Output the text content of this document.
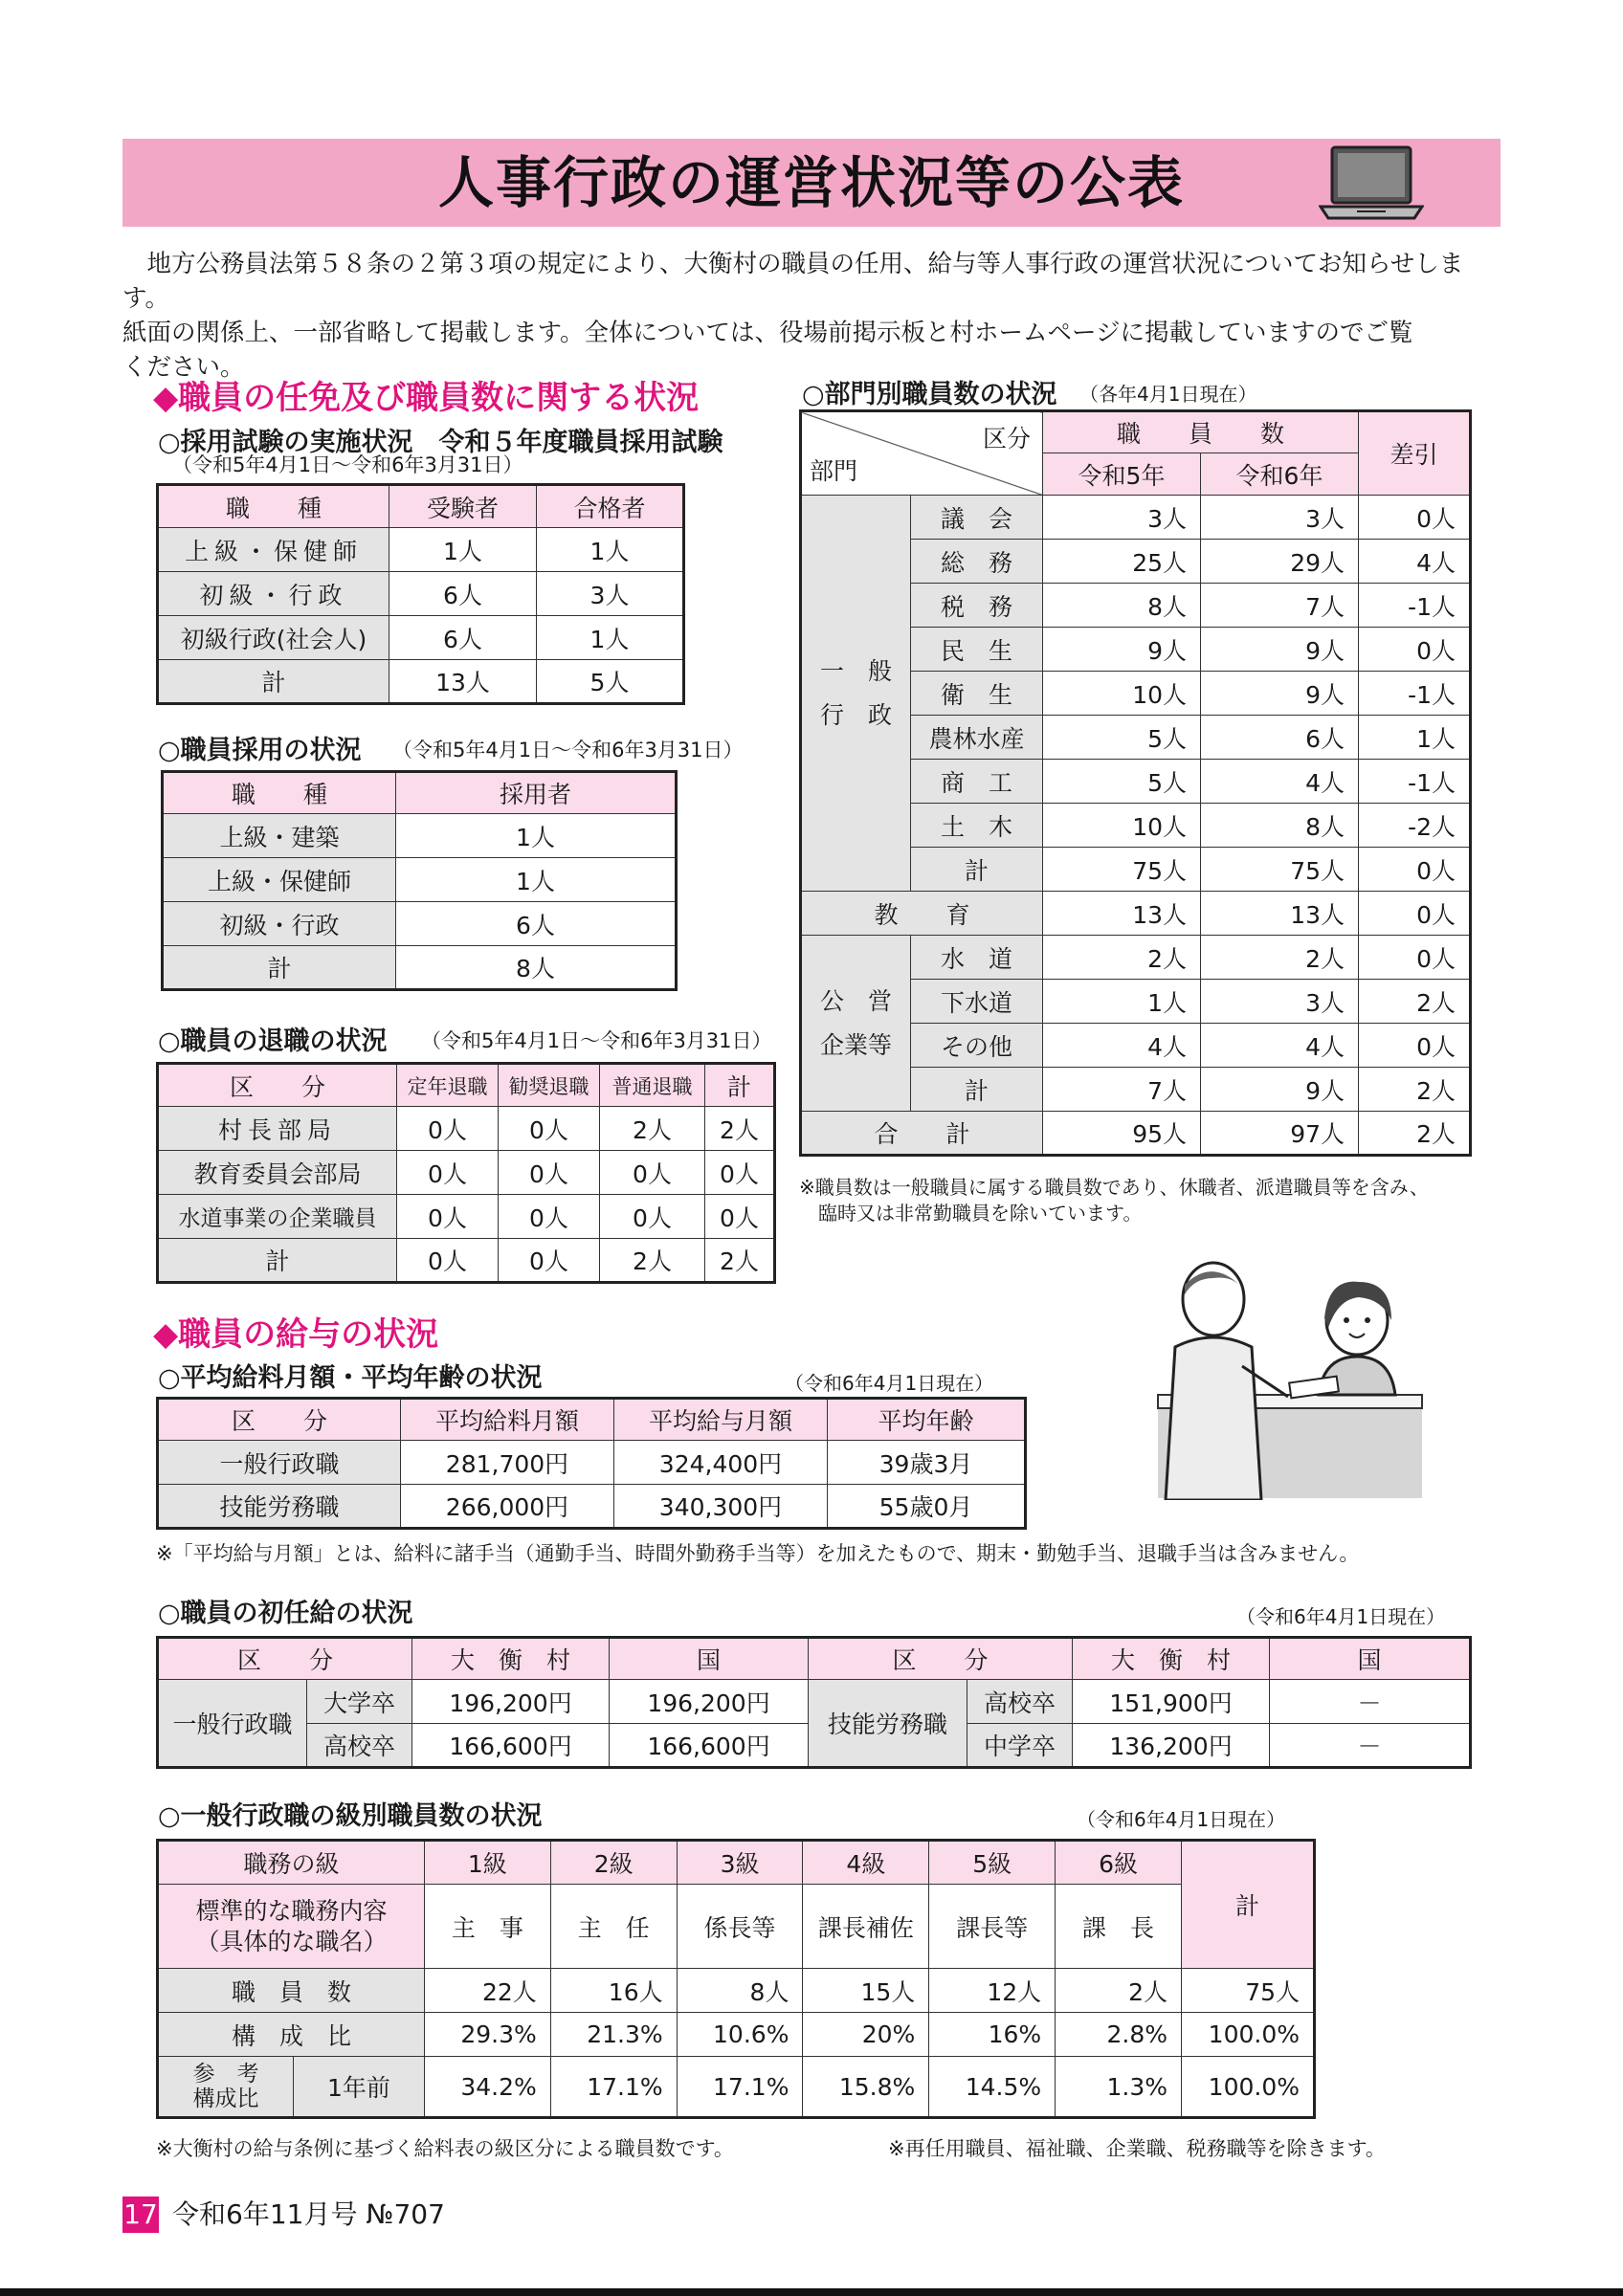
人事行政の運営状況等の公表

　地方公務員法第５８条の２第３項の規定により、大衡村の職員の任用、給与等人事行政の運営状況についてお知らせします。

紙面の関係上、一部省略して掲載します。全体については、役場前掲示板と村ホームページに掲載していますのでご覧

ください。

◆職員の任免及び職員数に関する状況
○採用試験の実施状況　令和５年度職員採用試験
（令和5年4月1日～令和6年3月31日）
職　　種	受験者	合格者
上級・保健師	1人	1人
初級・行政	6人	3人
初級行政(社会人)	6人	1人
計	13人	5人
○職員採用の状況 （令和5年4月1日～令和6年3月31日）
職　　種	採用者
上級・建築	1人
上級・保健師	1人
初級・行政	6人
計	8人
○職員の退職の状況 （令和5年4月1日～令和6年3月31日）
区　　分	定年退職	勧奨退職	普通退職	計
村長部局	0人	0人	2人	2人
教育委員会部局	0人	0人	0人	0人
水道事業の企業職員	0人	0人	0人	0人
計	0人	0人	2人	2人
○部門別職員数の状況 （各年4月1日現在）
区分
部門		職　　員　　数		差引
		令和5年	令和6年	
一　般
行　政	議　会	3人	3人	0人
	総　務	25人	29人	4人
	税　務	8人	7人	-1人
	民　生	9人	9人	0人
	衛　生	10人	9人	-1人
	農林水産	5人	6人	1人
	商　工	5人	4人	-1人
	土　木	10人	8人	-2人
	計	75人	75人	0人
教　　育		13人	13人	0人
公　営
企業等	水　道	2人	2人	0人
	下水道	1人	3人	2人
	その他	4人	4人	0人
	計	7人	9人	2人
合　　計		95人	97人	2人
※職員数は一般職員に属する職員数であり、休職者、派遣職員等を含み、
　臨時又は非常勤職員を除いています。
◆職員の給与の状況
○平均給料月額・平均年齢の状況	（令和6年4月1日現在）
区　　分	平均給料月額	平均給与月額	平均年齢
一般行政職	281,700円	324,400円	39歳3月
技能労務職	266,000円	340,300円	55歳0月
※「平均給与月額」とは、給料に諸手当（通勤手当、時間外勤務手当等）を加えたもので、期末・勤勉手当、退職手当は含みません。
○職員の初任給の状況	（令和6年4月1日現在）
区　　分		大　衡　村	国	区　　分		大　衡　村	国
一般行政職	大学卒	196,200円	196,200円	技能労務職	高校卒	151,900円	－
	高校卒	166,600円	166,600円		中学卒	136,200円	－
○一般行政職の級別職員数の状況	（令和6年4月1日現在）
職務の級		1級	2級	3級	4級	5級	6級	計
標準的な職務内容
（具体的な職名）		主　事	主　任	係長等	課長補佐	課長等	課　長	
職　員　数		22人	16人	8人	15人	12人	2人	75人
構　成　比		29.3%	21.3%	10.6%	20%	16%	2.8%	100.0%
参　考
構成比	1年前	34.2%	17.1%	17.1%	15.8%	14.5%	1.3%	100.0%
※大衡村の給与条例に基づく給料表の級区分による職員数です。	※再任用職員、福祉職、企業職、税務職等を除きます。
17 令和6年11月号 №707
